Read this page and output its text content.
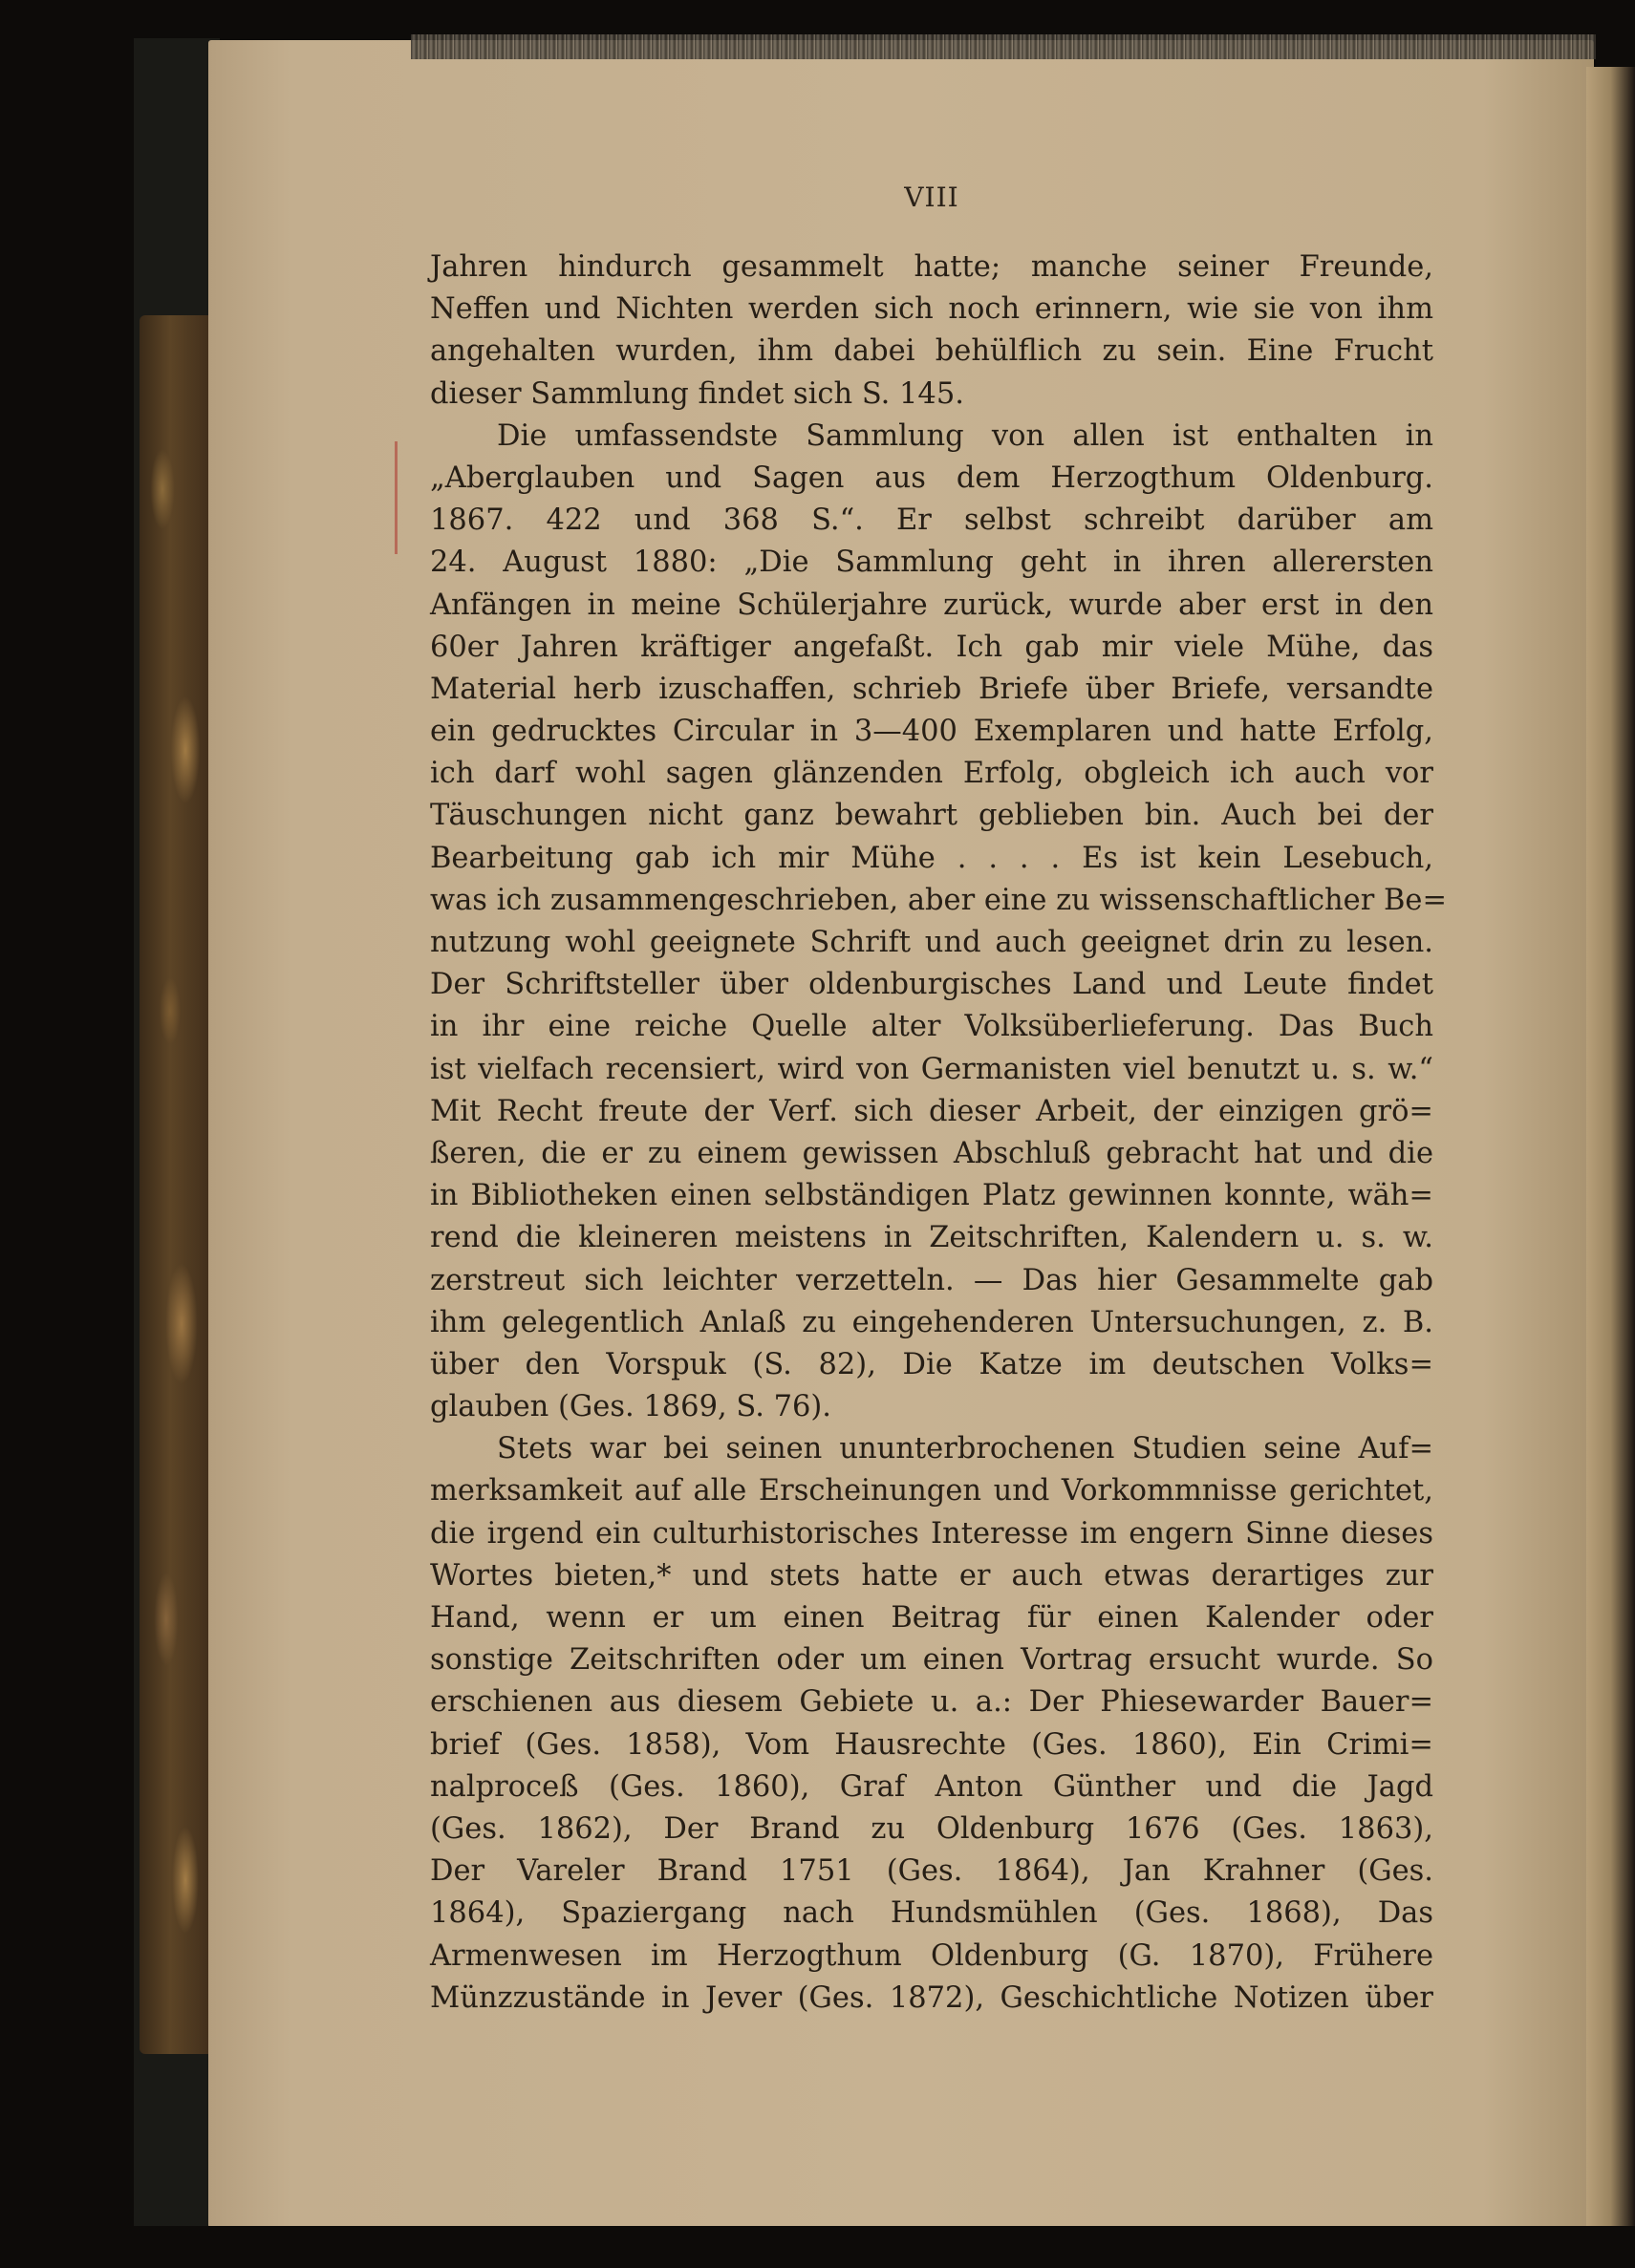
VIII
Jahren hindurch gesammelt hatte; manche seiner Freunde,
Neffen und Nichten werden sich noch erinnern, wie sie von ihm
angehalten wurden, ihm dabei behülflich zu sein. Eine Frucht
dieser Sammlung findet sich S. 145.
Die umfassendste Sammlung von allen ist enthalten in
„Aberglauben und Sagen aus dem Herzogthum Oldenburg.
1867. 422 und 368 S.“. Er selbst schreibt darüber am
24. August 1880: „Die Sammlung geht in ihren allerersten
Anfängen in meine Schülerjahre zurück, wurde aber erst in den
60er Jahren kräftiger angefaßt. Ich gab mir viele Mühe, das
Material herb izuschaffen, schrieb Briefe über Briefe, versandte
ein gedrucktes Circular in 3—400 Exemplaren und hatte Erfolg,
ich darf wohl sagen glänzenden Erfolg, obgleich ich auch vor
Täuschungen nicht ganz bewahrt geblieben bin. Auch bei der
Bearbeitung gab ich mir Mühe . . . . Es ist kein Lesebuch,
was ich zusammengeschrieben, aber eine zu wissenschaftlicher Be=
nutzung wohl geeignete Schrift und auch geeignet drin zu lesen.
Der Schriftsteller über oldenburgisches Land und Leute findet
in ihr eine reiche Quelle alter Volksüberlieferung. Das Buch
ist vielfach recensiert, wird von Germanisten viel benutzt u. s. w.“
Mit Recht freute der Verf. sich dieser Arbeit, der einzigen grö=
ßeren, die er zu einem gewissen Abschluß gebracht hat und die
in Bibliotheken einen selbständigen Platz gewinnen konnte, wäh=
rend die kleineren meistens in Zeitschriften, Kalendern u. s. w.
zerstreut sich leichter verzetteln. — Das hier Gesammelte gab
ihm gelegentlich Anlaß zu eingehenderen Untersuchungen, z. B.
über den Vorspuk (S. 82), Die Katze im deutschen Volks=
glauben (Ges. 1869, S. 76).
Stets war bei seinen ununterbrochenen Studien seine Auf=
merksamkeit auf alle Erscheinungen und Vorkommnisse gerichtet,
die irgend ein culturhistorisches Interesse im engern Sinne dieses
Wortes bieten,* und stets hatte er auch etwas derartiges zur
Hand, wenn er um einen Beitrag für einen Kalender oder
sonstige Zeitschriften oder um einen Vortrag ersucht wurde. So
erschienen aus diesem Gebiete u. a.: Der Phiesewarder Bauer=
brief (Ges. 1858), Vom Hausrechte (Ges. 1860), Ein Crimi=
nalproceß (Ges. 1860), Graf Anton Günther und die Jagd
(Ges. 1862), Der Brand zu Oldenburg 1676 (Ges. 1863),
Der Vareler Brand 1751 (Ges. 1864), Jan Krahner (Ges.
1864), Spaziergang nach Hundsmühlen (Ges. 1868), Das
Armenwesen im Herzogthum Oldenburg (G. 1870), Frühere
Münzzustände in Jever (Ges. 1872), Geschichtliche Notizen über
